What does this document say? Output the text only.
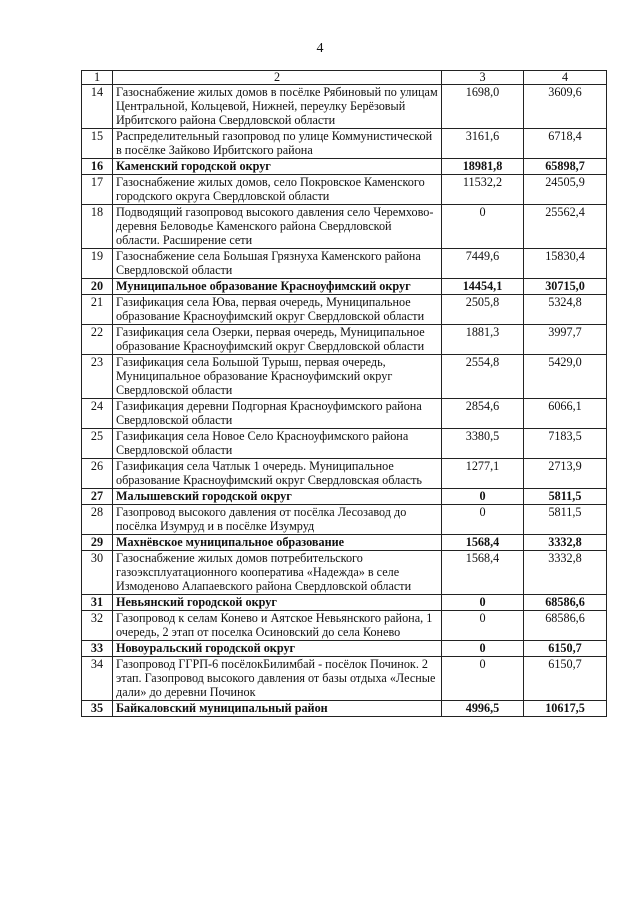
4
1	2	3	4
14	Газоснабжение жилых домов в посёлке Рябиновый по улицам Центральной, Кольцевой, Нижней, переулку Берёзовый Ирбитского района Свердловской области	1698,0	3609,6
15	Распределительный газопровод по улице Коммунистической в посёлке Зайково Ирбитского района	3161,6	6718,4
16	Каменский городской округ	18981,8	65898,7
17	Газоснабжение жилых домов, село Покровское Каменского городского округа Свердловской области	11532,2	24505,9
18	Подводящий газопровод высокого давления село Черемхово-деревня Беловодье Каменского района Свердловской области. Расширение сети	0	25562,4
19	Газоснабжение села Большая Грязнуха Каменского района Свердловской области	7449,6	15830,4
20	Муниципальное образование Красноуфимский округ	14454,1	30715,0
21	Газификация села Юва, первая очередь, Муниципальное образование Красноуфимский округ Свердловской области	2505,8	5324,8
22	Газификация села Озерки, первая очередь, Муниципальное образование Красноуфимский округ Свердловской области	1881,3	3997,7
23	Газификация села Большой Турыш, первая очередь, Муниципальное образование Красноуфимский округ Свердловской области	2554,8	5429,0
24	Газификация деревни Подгорная Красноуфимского района Свердловской области	2854,6	6066,1
25	Газификация села Новое Село Красноуфимского района Свердловской области	3380,5	7183,5
26	Газификация села Чатлык 1 очередь. Муниципальное образование Красноуфимский округ Свердловская область	1277,1	2713,9
27	Малышевский городской округ	0	5811,5
28	Газопровод высокого давления от посёлка Лесозавод до посёлка Изумруд и в посёлке Изумруд	0	5811,5
29	Махнёвское муниципальное образование	1568,4	3332,8
30	Газоснабжение жилых домов потребительского газоэксплуатационного кооператива «Надежда» в селе Измоденово Алапаевского района Свердловской области	1568,4	3332,8
31	Невьянский городской округ	0	68586,6
32	Газопровод к селам Конево и Аятское Невьянского района, 1 очередь, 2 этап от поселка Осиновский до села Конево	0	68586,6
33	Новоуральский городской округ	0	6150,7
34	Газопровод ГГРП-6 посёлокБилимбай - посёлок Починок. 2 этап. Газопровод высокого давления от базы отдыха «Лесные дали» до деревни Починок	0	6150,7
35	Байкаловский муниципальный район	4996,5	10617,5
